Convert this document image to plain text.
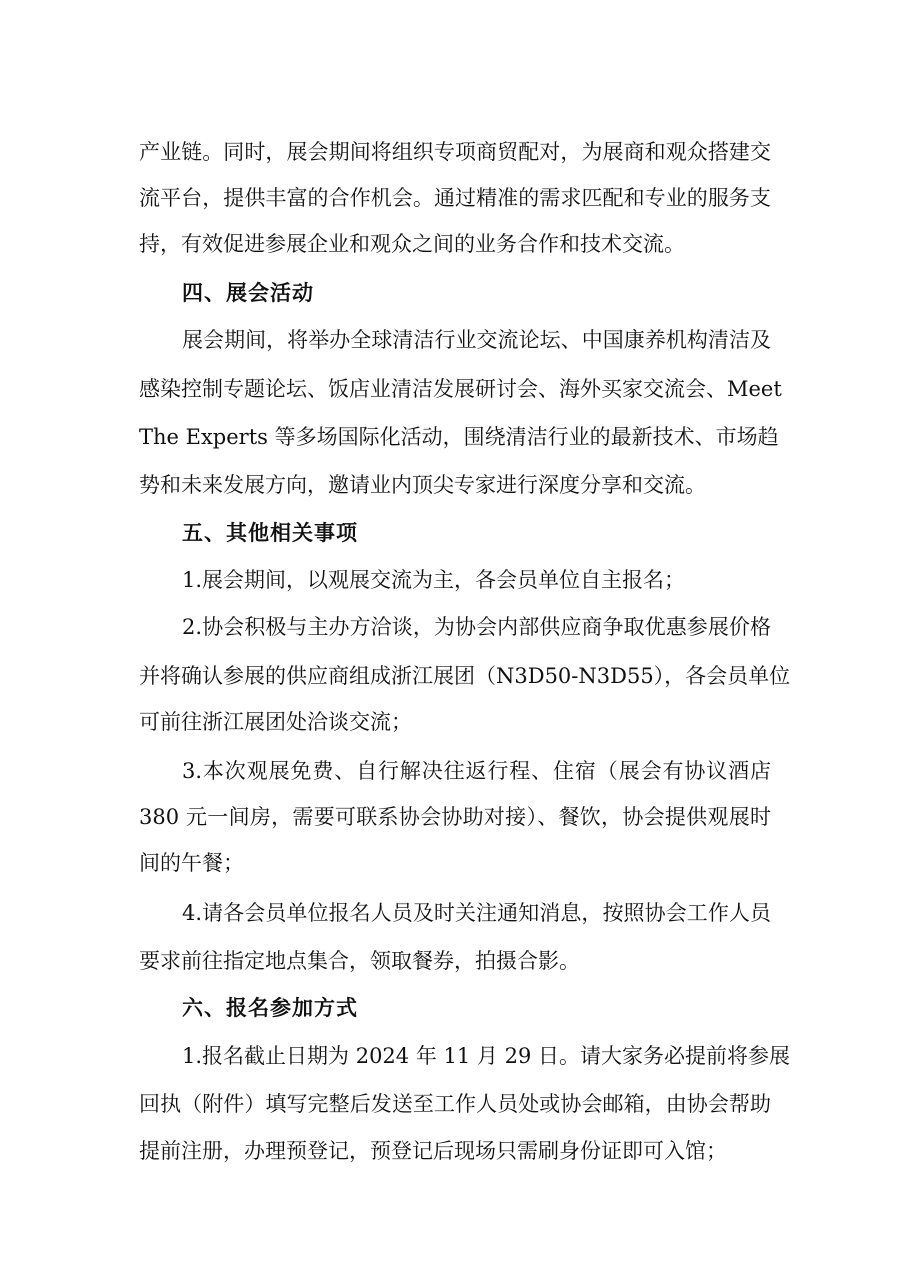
产业链。同时，展会期间将组织专项商贸配对，为展商和观众搭建交
流平台，提供丰富的合作机会。通过精准的需求匹配和专业的服务支
持，有效促进参展企业和观众之间的业务合作和技术交流。
四、展会活动
展会期间，将举办全球清洁行业交流论坛、中国康养机构清洁及
感染控制专题论坛、饭店业清洁发展研讨会、海外买家交流会、Meet
The Experts 等多场国际化活动，围绕清洁行业的最新技术、市场趋
势和未来发展方向，邀请业内顶尖专家进行深度分享和交流。
五、其他相关事项
1.展会期间，以观展交流为主，各会员单位自主报名；
2.协会积极与主办方洽谈，为协会内部供应商争取优惠参展价格
并将确认参展的供应商组成浙江展团（N3D50-N3D55），各会员单位
可前往浙江展团处洽谈交流；
3.本次观展免费、自行解决往返行程、住宿（展会有协议酒店
380 元一间房，需要可联系协会协助对接）、餐饮，协会提供观展时
间的午餐；
4.请各会员单位报名人员及时关注通知消息，按照协会工作人员
要求前往指定地点集合，领取餐券，拍摄合影。
六、报名参加方式
1.报名截止日期为 2024 年 11 月 29 日。请大家务必提前将参展
回执（附件）填写完整后发送至工作人员处或协会邮箱，由协会帮助
提前注册，办理预登记，预登记后现场只需刷身份证即可入馆；
